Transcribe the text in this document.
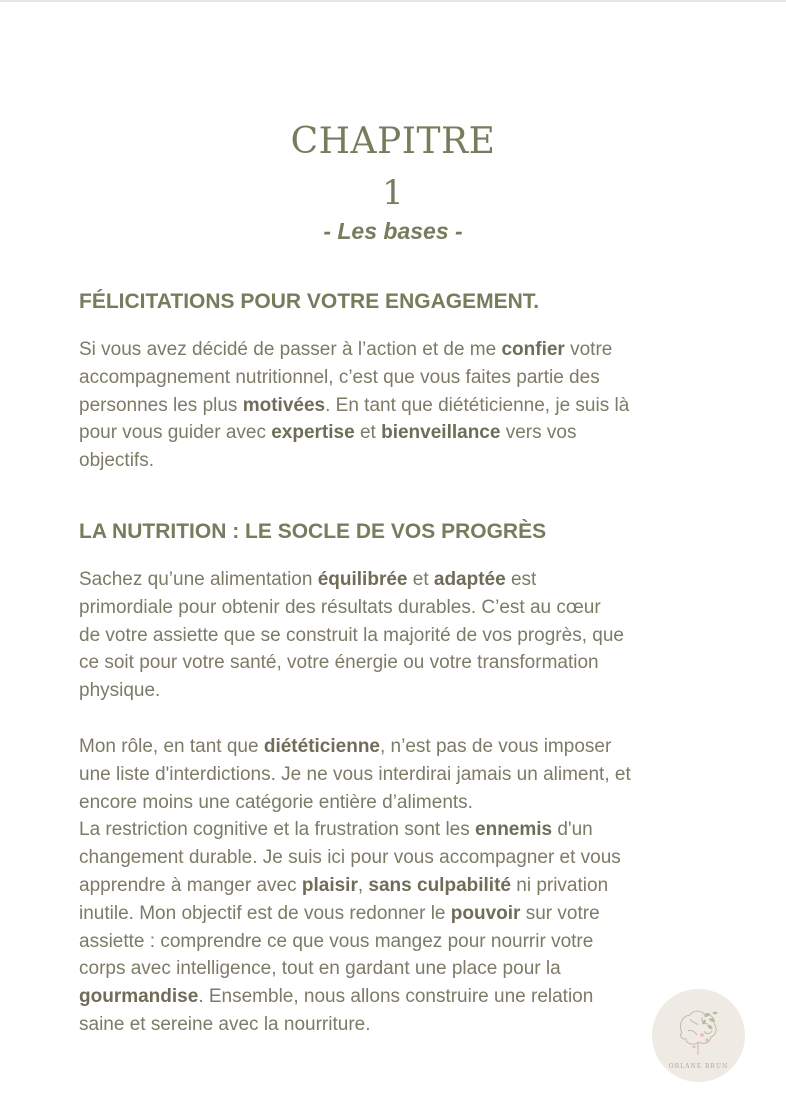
CHAPITRE
1
- Les bases -
FÉLICITATIONS POUR VOTRE ENGAGEMENT.

Si vous avez décidé de passer à l’action et de me confier votre
accompagnement nutritionnel, c’est que vous faites partie des
personnes les plus motivées. En tant que diététicienne, je suis là
pour vous guider avec expertise et bienveillance vers vos
objectifs.

LA NUTRITION : LE SOCLE DE VOS PROGRÈS

Sachez qu’une alimentation équilibrée et adaptée est
primordiale pour obtenir des résultats durables. C’est au cœur
de votre assiette que se construit la majorité de vos progrès, que
ce soit pour votre santé, votre énergie ou votre transformation
physique.

Mon rôle, en tant que diététicienne, n’est pas de vous imposer
une liste d'interdictions. Je ne vous interdirai jamais un aliment, et
encore moins une catégorie entière d’aliments.
La restriction cognitive et la frustration sont les ennemis d'un
changement durable. Je suis ici pour vous accompagner et vous
apprendre à manger avec plaisir, sans culpabilité ni privation
inutile. Mon objectif est de vous redonner le pouvoir sur votre
assiette : comprendre ce que vous mangez pour nourrir votre
corps avec intelligence, tout en gardant une place pour la
gourmandise. Ensemble, nous allons construire une relation
saine et sereine avec la nourriture.

ORLANE BRUN
